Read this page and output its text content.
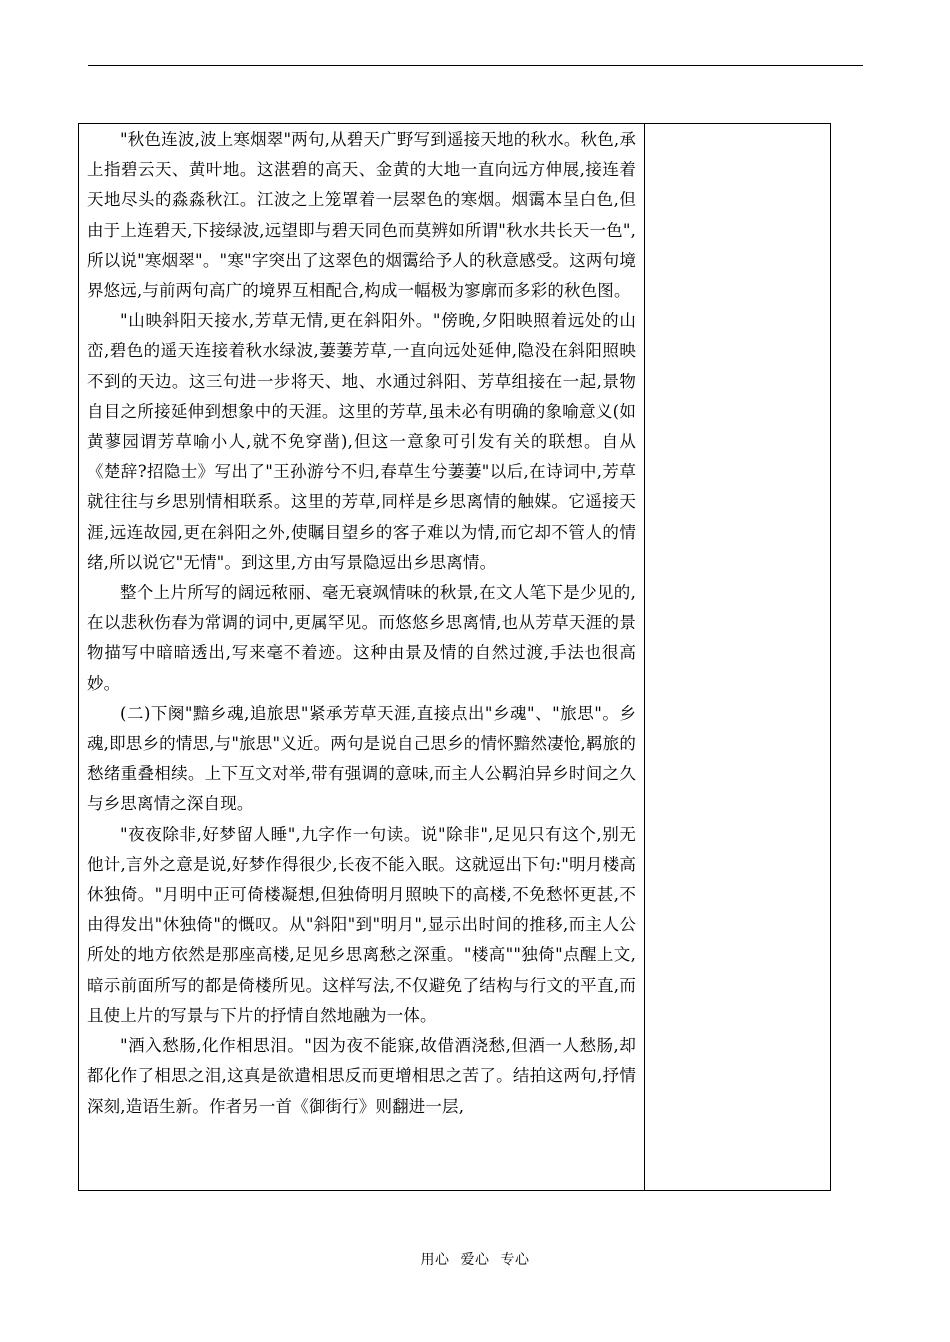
"秋色连波,波上寒烟翠"两句,从碧天广野写到遥接天地的秋水。秋色,承上指碧云天、黄叶地。这湛碧的高天、金黄的大地一直向远方伸展,接连着天地尽头的淼淼秋江。江波之上笼罩着一层翠色的寒烟。烟霭本呈白色,但由于上连碧天,下接绿波,远望即与碧天同色而莫辨如所谓"秋水共长天一色",所以说"寒烟翠"。"寒"字突出了这翠色的烟霭给予人的秋意感受。这两句境界悠远,与前两句高广的境界互相配合,构成一幅极为寥廓而多彩的秋色图。

"山映斜阳天接水,芳草无情,更在斜阳外。"傍晚,夕阳映照着远处的山峦,碧色的遥天连接着秋水绿波,萋萋芳草,一直向远处延伸,隐没在斜阳照映不到的天边。这三句进一步将天、地、水通过斜阳、芳草组接在一起,景物自目之所接延伸到想象中的天涯。这里的芳草,虽未必有明确的象喻意义(如黄蓼园谓芳草喻小人,就不免穿凿),但这一意象可引发有关的联想。自从《楚辞?招隐士》写出了"王孙游兮不归,春草生兮萋萋"以后,在诗词中,芳草就往往与乡思别情相联系。这里的芳草,同样是乡思离情的触媒。它遥接天涯,远连故园,更在斜阳之外,使瞩目望乡的客子难以为情,而它却不管人的情绪,所以说它"无情"。到这里,方由写景隐逗出乡思离情。

整个上片所写的阔远秾丽、毫无衰飒情味的秋景,在文人笔下是少见的,在以悲秋伤春为常调的词中,更属罕见。而悠悠乡思离情,也从芳草天涯的景物描写中暗暗透出,写来毫不着迹。这种由景及情的自然过渡,手法也很高妙。

(二)下阕"黯乡魂,追旅思"紧承芳草天涯,直接点出"乡魂"、"旅思"。乡魂,即思乡的情思,与"旅思"义近。两句是说自己思乡的情怀黯然凄怆,羁旅的愁绪重叠相续。上下互文对举,带有强调的意味,而主人公羁泊异乡时间之久与乡思离情之深自现。

"夜夜除非,好梦留人睡",九字作一句读。说"除非",足见只有这个,别无他计,言外之意是说,好梦作得很少,长夜不能入眠。这就逗出下句:"明月楼高休独倚。"月明中正可倚楼凝想,但独倚明月照映下的高楼,不免愁怀更甚,不由得发出"休独倚"的慨叹。从"斜阳"到"明月",显示出时间的推移,而主人公所处的地方依然是那座高楼,足见乡思离愁之深重。"楼高""独倚"点醒上文,暗示前面所写的都是倚楼所见。这样写法,不仅避免了结构与行文的平直,而且使上片的写景与下片的抒情自然地融为一体。

"酒入愁肠,化作相思泪。"因为夜不能寐,故借酒浇愁,但酒一人愁肠,却都化作了相思之泪,这真是欲遣相思反而更增相思之苦了。结拍这两句,抒情深刻,造语生新。作者另一首《御街行》则翻进一层,

用心 爱心 专心
